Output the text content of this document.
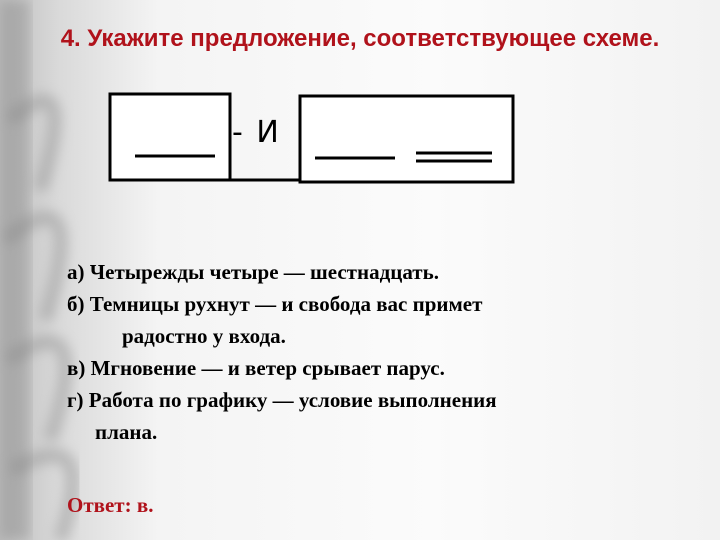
4. Укажите предложение, соответствующее схеме.
- И

а) Четырежды четыре — шестнадцать.

б) Темницы рухнут — и свобода вас примет

радостно у входа.

в) Мгновение — и ветер срывает парус.

г) Работа по графику — условие выполнения

плана.

Ответ: в.
